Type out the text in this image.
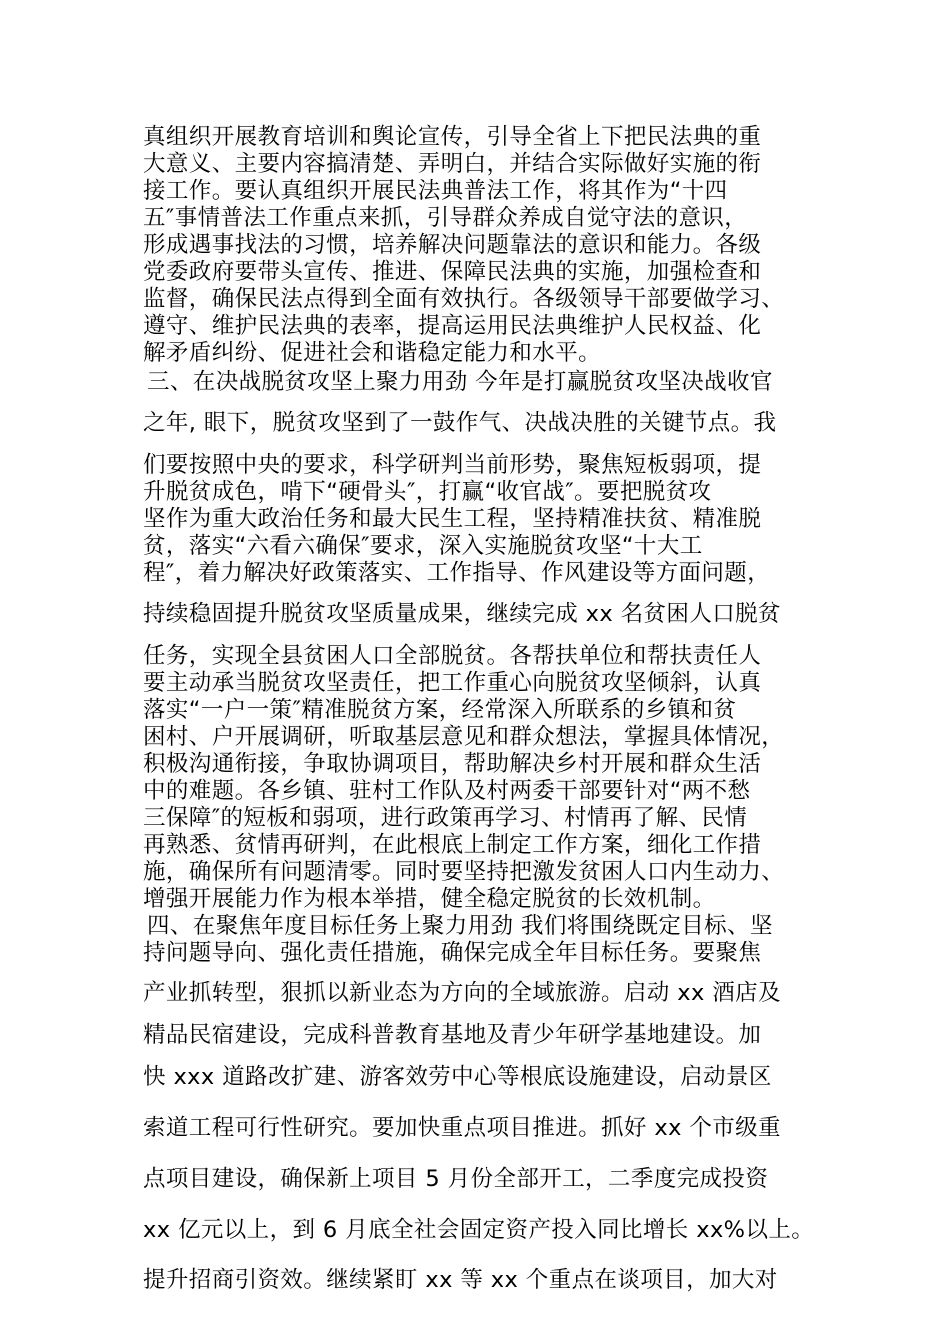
真组织开展教育培训和舆论宣传，引导全省上下把民法典的重
大意义、主要内容搞清楚、弄明白，并结合实际做好实施的衔
接工作。要认真组织开展民法典普法工作，将其作为“十四
五″事情普法工作重点来抓，引导群众养成自觉守法的意识，
形成遇事找法的习惯，培养解决问题靠法的意识和能力。各级
党委政府要带头宣传、推进、保障民法典的实施，加强检查和
监督，确保民法点得到全面有效执行。各级领导干部要做学习、
遵守、维护民法典的表率，提高运用民法典维护人民权益、化
解矛盾纠纷、促进社会和谐稳定能力和水平。
三、在决战脱贫攻坚上聚力用劲 今年是打赢脱贫攻坚决战收官
之年, 眼下，脱贫攻坚到了一鼓作气、决战决胜的关键节点。我
们要按照中央的要求，科学研判当前形势，聚焦短板弱项，提
升脱贫成色，啃下“硬骨头″，打赢“收官战″。要把脱贫攻
坚作为重大政治任务和最大民生工程，坚持精准扶贫、精准脱
贫，落实“六看六确保″要求，深入实施脱贫攻坚“十大工
程″，着力解决好政策落实、工作指导、作风建设等方面问题，
持续稳固提升脱贫攻坚质量成果，继续完成 xx 名贫困人口脱贫
任务，实现全县贫困人口全部脱贫。各帮扶单位和帮扶责任人
要主动承当脱贫攻坚责任，把工作重心向脱贫攻坚倾斜，认真
落实“一户一策″精准脱贫方案，经常深入所联系的乡镇和贫
困村、户开展调研，听取基层意见和群众想法，掌握具体情况，
积极沟通衔接，争取协调项目，帮助解决乡村开展和群众生活
中的难题。各乡镇、驻村工作队及村两委干部要针对“两不愁
三保障″的短板和弱项，进行政策再学习、村情再了解、民情
再熟悉、贫情再研判，在此根底上制定工作方案，细化工作措
施，确保所有问题清零。同时要坚持把激发贫困人口内生动力、
增强开展能力作为根本举措，健全稳定脱贫的长效机制。
四、在聚焦年度目标任务上聚力用劲 我们将围绕既定目标、坚
持问题导向、强化责任措施，确保完成全年目标任务。要聚焦
产业抓转型，狠抓以新业态为方向的全域旅游。启动 xx 酒店及
精品民宿建设，完成科普教育基地及青少年研学基地建设。加
快 xxx 道路改扩建、游客效劳中心等根底设施建设，启动景区
索道工程可行性研究。要加快重点项目推进。抓好 xx 个市级重
点项目建设，确保新上项目 5 月份全部开工，二季度完成投资
xx 亿元以上，到 6 月底全社会固定资产投入同比增长 xx%以上。
提升招商引资效。继续紧盯 xx 等 xx 个重点在谈项目，加大对
